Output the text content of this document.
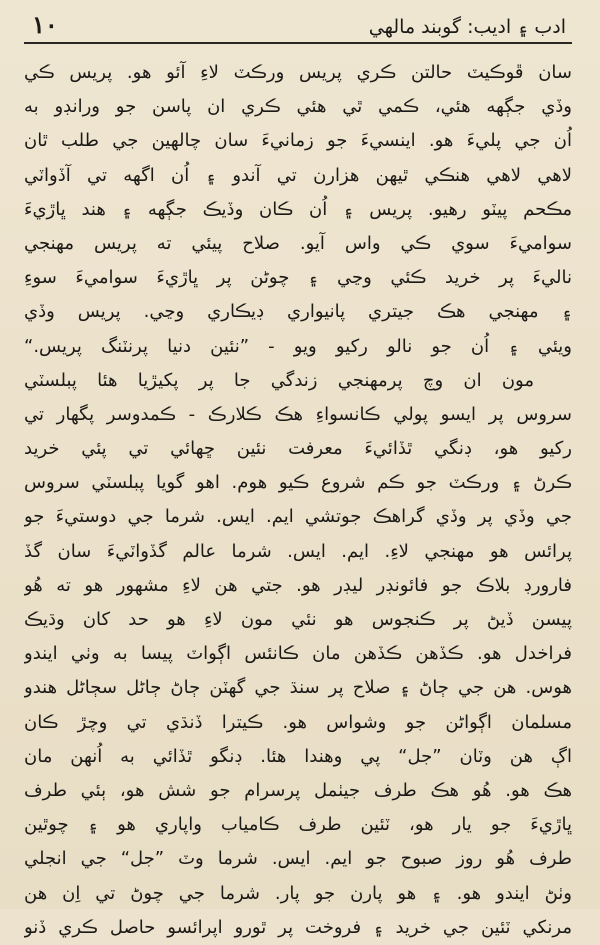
ادب ۽ اديب: گوبند مالهي
١٠
سان ڦوڪيٽ حالتن ڪري پريس ورڪٽ لاءِ آئو هو. پريس ڪي
وڏي جڳهه هئي، ڪمي ٿي هئي ڪري ان پاسن جو ورانڊو به
اُن جي پليءَ هو. اينسيءَ جو زمانيءَ سان چالهين جي طلب ٿان
لاهي لاهي هنڪي ٿيهن هزارن تي آندو ۽ اُن اگهه تي آڏواٽي
مڪحم پيٽو رهيو. پريس ۽ اُن ڪان وڏيڪ جڳهه ۽ هند ڀاڙيءَ
سواميءَ سوي ڪي واس آيو. صلاح پيئي ته پريس مهنجي
ناليءَ پر خريد ڪئي وڃي ۽ چوڻن پر ڀاڙيءَ سواميءَ سوءِ
۽ مهنجي هڪ جيتري پانيواري ڊيڪاري وڃي. پريس وڏي
ويئي ۽ اُن جو نالو رکيو ويو - ”نئين دنيا پرنٽنگ پريس.“
مون ان وچ پرمهنجي زندگي جا پر پکيڙيا هئا پبلسٽي
سروس پر ايسو پولي ڪانسواءِ هڪ ڪلارڪ - ڪمدوسر پگهار تي
رکيو هو، ڊنگي ٿڏائيءَ معرفت نئين ڇهائي تي پئي خريد
ڪرڻ ۽ ورڪٽ جو ڪم شروع ڪيو هوم. اهو گويا پبلسٽي سروس
جي وڏي پر وڏي گراهڪ جوتشي ايم. ايس. شرما جي دوستيءَ جو
پرائس هو مهنجي لاءِ. ايم. ايس. شرما عالم گڏواٽيءَ سان گڏ
فارورڊ بلاڪ جو فائونڊر ليڊر هو. جتي هن لاءِ مشهور هو ته هُو
پيسن ڏيڻ پر ڪنجوس هو نئي مون لاءِ هو حد کان وڌيڪ
فراخدل هو. ڪڏهن ڪڏهن مان ڪانئس اڳواٽ پيسا به وٺي ايندو
هوس. هن جي ڄاڻ ۽ صلاح پر سنڌ جي گهٽن ڄاڻ ڄاڻل سڄاڻل هندو
مسلمان اڳواڻن جو وشواس هو. ڪيترا ڏنڌي تي وچڙ ڪان
اڳ هن وٽان ”جل“ پي وهندا هئا. ڊنگو ٿڏائي به اُنهن مان
هڪ هو. هُو هڪ طرف جيٺمل پرسرام جو شش هو، ٻئي طرف
ڀاڙيءَ جو يار هو، ٽئين طرف ڪامياب واپاري هو ۽ چوٿين
طرف هُو روز صبوح جو ايم. ايس. شرما وٽ ”جل“ جي انجلي
وٺڻ ايندو هو. ۽ هو پارن جو پار. شرما جي چوڻ تي اِن هن
مرنکي ٽئين جي خريد ۽ فروخت پر ٿورو اپرائسو حاصل ڪري ڏنو
